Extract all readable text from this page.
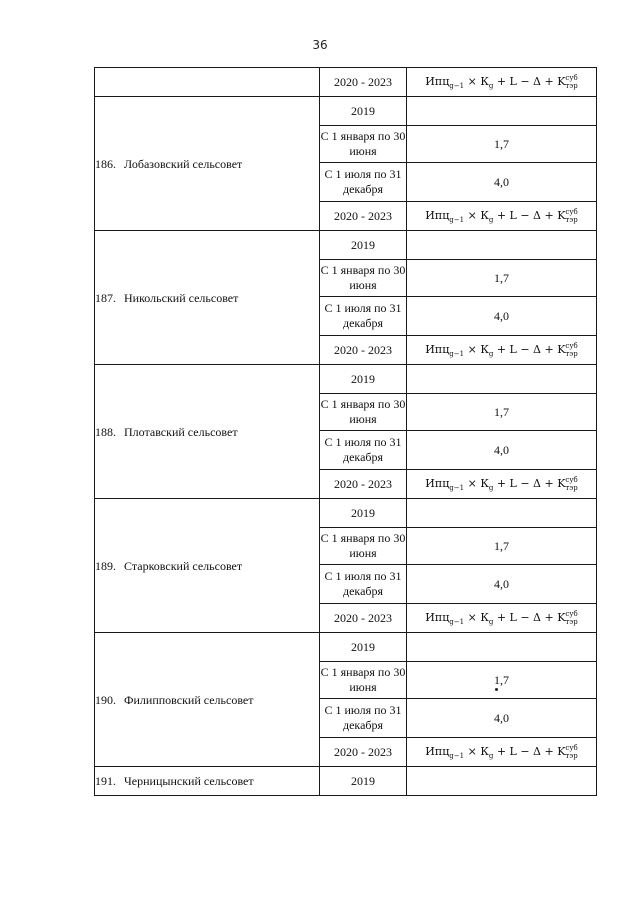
36
	2020 - 2023	$Ипц_{g-1} \times К_g + L - \Delta + K$ суб
тэр

186. Лобазовский сельсовет	2019	
	С 1 января по 30 июня	1,7
	С 1 июля по 31 декабря	4,0
	2020 - 2023	$Ипц_{g-1} \times К_g + L - \Delta + K$ суб
тэр

187. Никольский сельсовет	2019	
	С 1 января по 30 июня	1,7
	С 1 июля по 31 декабря	4,0
	2020 - 2023	$Ипц_{g-1} \times К_g + L - \Delta + K$ суб
тэр

188. Плотавский сельсовет	2019	
	С 1 января по 30 июня	1,7
	С 1 июля по 31 декабря	4,0
	2020 - 2023	$Ипц_{g-1} \times К_g + L - \Delta + K$ суб
тэр

189. Старковский сельсовет	2019	
	С 1 января по 30 июня	1,7
	С 1 июля по 31 декабря	4,0
	2020 - 2023	$Ипц_{g-1} \times К_g + L - \Delta + K$ суб
тэр

190. Филипповский сельсовет	2019	
	С 1 января по 30 июня	1,7
	С 1 июля по 31 декабря	4,0
	2020 - 2023	$Ипц_{g-1} \times К_g + L - \Delta + K$ суб
тэр

191. Черницынский сельсовет	2019	
